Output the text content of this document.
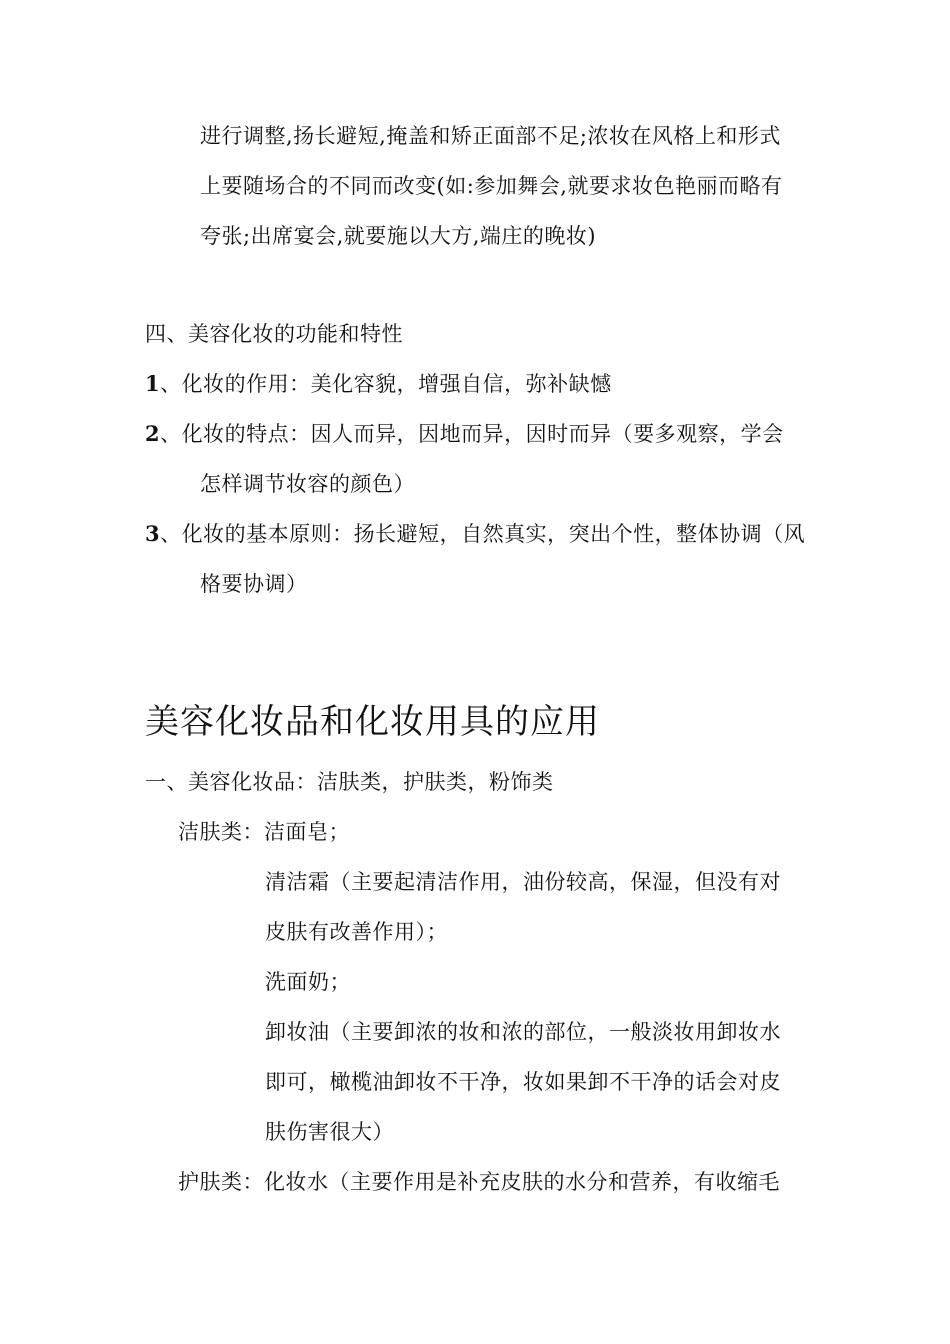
进行调整,扬长避短,掩盖和矫正面部不足;浓妆在风格上和形式
上要随场合的不同而改变(如:参加舞会,就要求妆色艳丽而略有
夸张;出席宴会,就要施以大方,端庄的晚妆)
四、美容化妆的功能和特性
1、化妆的作用：美化容貌，增强自信，弥补缺憾
2、化妆的特点：因人而异，因地而异，因时而异（要多观察，学会
怎样调节妆容的颜色）
3、化妆的基本原则：扬长避短，自然真实，突出个性，整体协调（风
格要协调）
美容化妆品和化妆用具的应用
一、美容化妆品：洁肤类，护肤类，粉饰类
洁肤类：洁面皂；
清洁霜（主要起清洁作用，油份较高，保湿，但没有对
皮肤有改善作用）；
洗面奶；
卸妆油（主要卸浓的妆和浓的部位，一般淡妆用卸妆水
即可，橄榄油卸妆不干净，妆如果卸不干净的话会对皮
肤伤害很大）
护肤类：化妆水（主要作用是补充皮肤的水分和营养，有收缩毛
